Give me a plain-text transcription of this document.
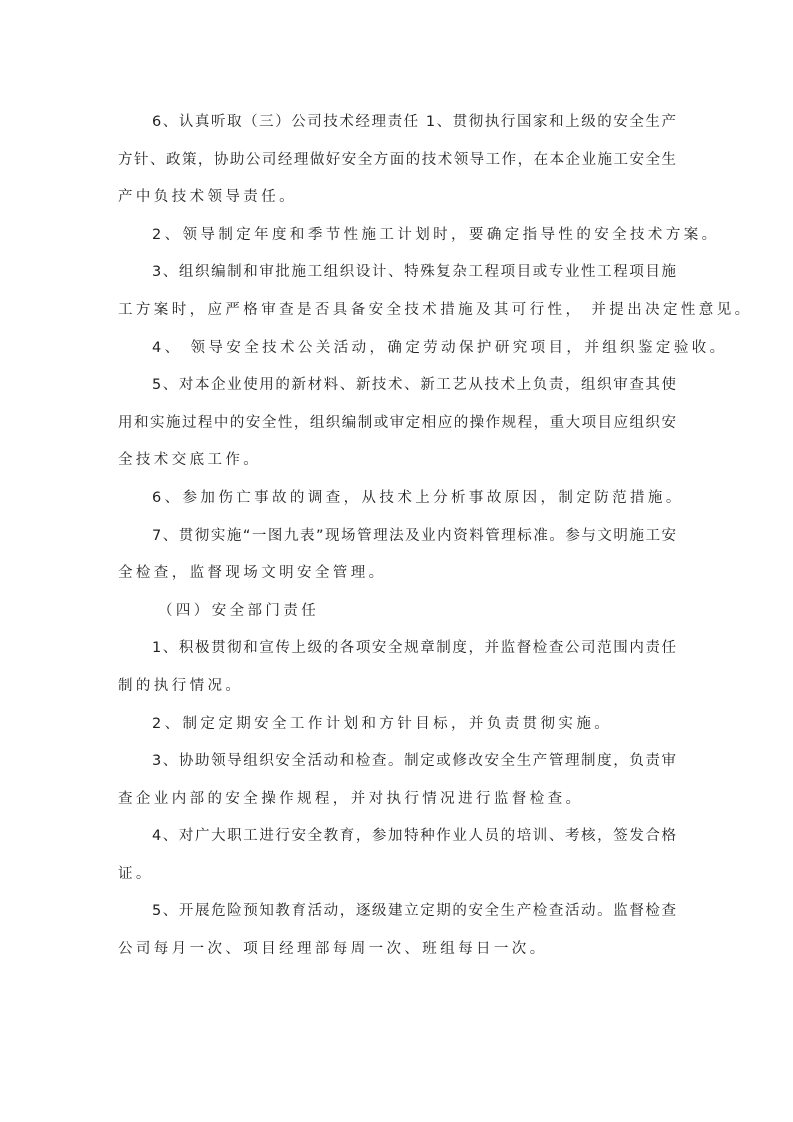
6、认真听取（三）公司技术经理责任 1、贯彻执行国家和上级的安全生产
方针、政策，协助公司经理做好安全方面的技术领导工作，在本企业施工安全生
产中负技术领导责任。
2、领导制定年度和季节性施工计划时，要确定指导性的安全技术方案。
3、组织编制和审批施工组织设计、特殊复杂工程项目或专业性工程项目施
工方案时，应严格审查是否具备安全技术措施及其可行性， 并提出决定性意见。
4、 领导安全技术公关活动，确定劳动保护研究项目，并组织鉴定验收。
5、对本企业使用的新材料、新技术、新工艺从技术上负责，组织审查其使
用和实施过程中的安全性，组织编制或审定相应的操作规程，重大项目应组织安
全技术交底工作。
6、参加伤亡事故的调查，从技术上分析事故原因，制定防范措施。
7、贯彻实施“一图九表”现场管理法及业内资料管理标准。参与文明施工安
全检查，监督现场文明安全管理。
（四）安全部门责任
1、积极贯彻和宣传上级的各项安全规章制度，并监督检查公司范围内责任
制的执行情况。
2、制定定期安全工作计划和方针目标，并负责贯彻实施。
3、协助领导组织安全活动和检查。制定或修改安全生产管理制度，负责审
查企业内部的安全操作规程，并对执行情况进行监督检查。
4、对广大职工进行安全教育，参加特种作业人员的培训、考核，签发合格
证。
5、开展危险预知教育活动，逐级建立定期的安全生产检查活动。监督检查
公司每月一次、项目经理部每周一次、班组每日一次。
